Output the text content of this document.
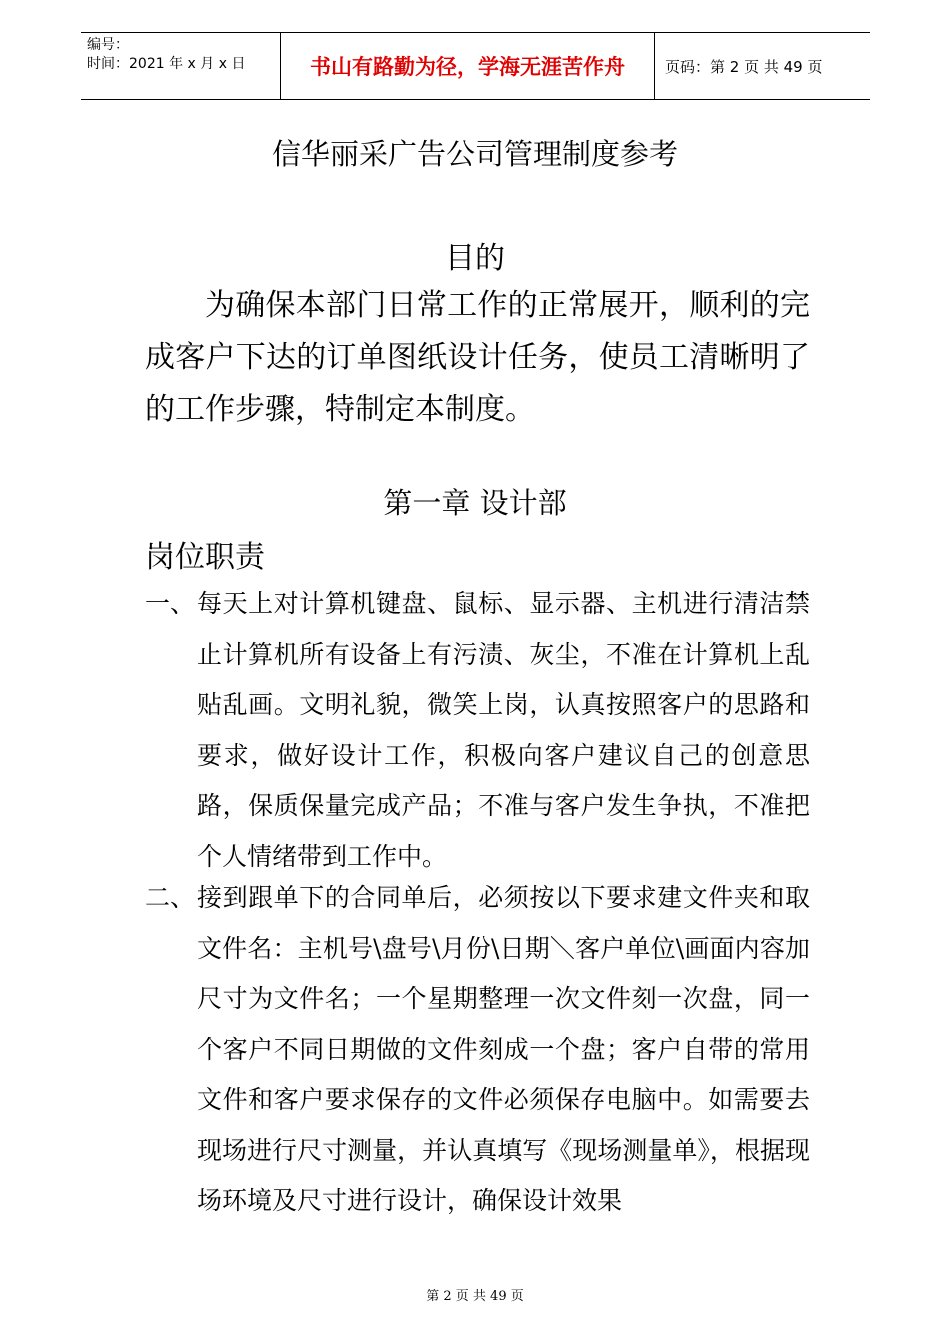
编号：
时间：2021 年 x 月 x 日	书山有路勤为径，学海无涯苦作舟	页码：第 2 页 共 49 页
信华丽采广告公司管理制度参考
目的
为确保本部门日常工作的正常展开，顺利的完成客户下达的订单图纸设计任务，使员工清晰明了的工作步骤，特制定本制度。
第一章 设计部
岗位职责
一、 每天上对计算机键盘、鼠标、显示器、主机进行清洁禁止计算机所有设备上有污渍、灰尘，不准在计算机上乱贴乱画。文明礼貌，微笑上岗，认真按照客户的思路和要求，做好设计工作，积极向客户建议自己的创意思路，保质保量完成产品；不准与客户发生争执，不准把个人情绪带到工作中。
二、 接到跟单下的合同单后，必须按以下要求建文件夹和取文件名：主机号\盘号\月份\日期＼客户单位\画面内容加尺寸为文件名；一个星期整理一次文件刻一次盘，同一个客户不同日期做的文件刻成一个盘；客户自带的常用文件和客户要求保存的文件必须保存电脑中。如需要去现场进行尺寸测量，并认真填写《现场测量单》，根据现场环境及尺寸进行设计，确保设计效果
第 2 页 共 49 页
